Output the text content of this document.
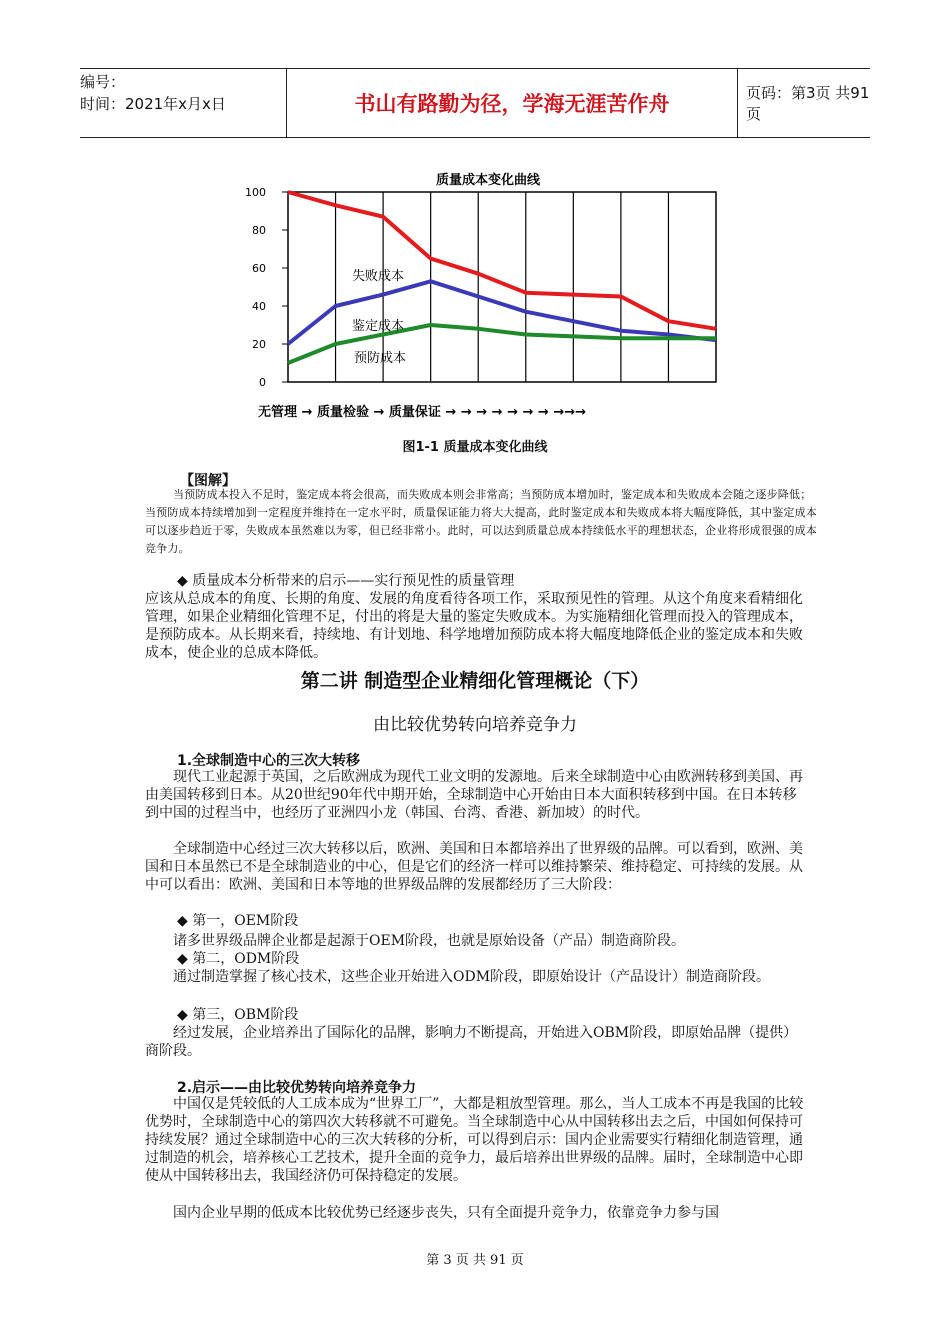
编号：
时间：2021年x月x日	书山有路勤为径，学海无涯苦作舟	页码：第3页 共91页
质量成本变化曲线
0
20
40
60
80
100
失败成本
鉴定成本
预防成本
无管理 → 质量检验 → 质量保证 → → → → → → → →→→
图1-1 质量成本变化曲线
【图解】
当预防成本投入不足时，鉴定成本将会很高，而失败成本则会非常高；当预防成本增加时，鉴定成本和失败成本会随之逐步降低；当预防成本持续增加到一定程度并维持在一定水平时，质量保证能力将大大提高，此时鉴定成本和失败成本将大幅度降低，其中鉴定成本可以逐步趋近于零，失败成本虽然难以为零，但已经非常小。此时，可以达到质量总成本持续低水平的理想状态，企业将形成很强的成本竞争力。
◆ 质量成本分析带来的启示——实行预见性的质量管理
应该从总成本的角度、长期的角度、发展的角度看待各项工作，采取预见性的管理。从这个角度来看精细化管理，如果企业精细化管理不足，付出的将是大量的鉴定失败成本。为实施精细化管理而投入的管理成本，是预防成本。从长期来看，持续地、有计划地、科学地增加预防成本将大幅度地降低企业的鉴定成本和失败成本，使企业的总成本降低。
第二讲 制造型企业精细化管理概论（下）
由比较优势转向培养竞争力
1.全球制造中心的三次大转移
现代工业起源于英国，之后欧洲成为现代工业文明的发源地。后来全球制造中心由欧洲转移到美国、再由美国转移到日本。从20世纪90年代中期开始，全球制造中心开始由日本大面积转移到中国。在日本转移到中国的过程当中，也经历了亚洲四小龙（韩国、台湾、香港、新加坡）的时代。
全球制造中心经过三次大转移以后，欧洲、美国和日本都培养出了世界级的品牌。可以看到，欧洲、美国和日本虽然已不是全球制造业的中心，但是它们的经济一样可以维持繁荣、维持稳定、可持续的发展。从中可以看出：欧洲、美国和日本等地的世界级品牌的发展都经历了三大阶段：
◆ 第一，OEM阶段
诸多世界级品牌企业都是起源于OEM阶段，也就是原始设备（产品）制造商阶段。
◆ 第二，ODM阶段
通过制造掌握了核心技术，这些企业开始进入ODM阶段，即原始设计（产品设计）制造商阶段。
◆ 第三，OBM阶段
经过发展，企业培养出了国际化的品牌，影响力不断提高，开始进入OBM阶段，即原始品牌（提供）商阶段。
2.启示——由比较优势转向培养竞争力
中国仅是凭较低的人工成本成为“世界工厂”，大都是粗放型管理。那么，当人工成本不再是我国的比较优势时，全球制造中心的第四次大转移就不可避免。当全球制造中心从中国转移出去之后，中国如何保持可持续发展？通过全球制造中心的三次大转移的分析，可以得到启示：国内企业需要实行精细化制造管理，通过制造的机会，培养核心工艺技术，提升全面的竞争力，最后培养出世界级的品牌。届时，全球制造中心即使从中国转移出去，我国经济仍可保持稳定的发展。
国内企业早期的低成本比较优势已经逐步丧失，只有全面提升竞争力，依靠竞争力参与国
第 3 页 共 91 页
